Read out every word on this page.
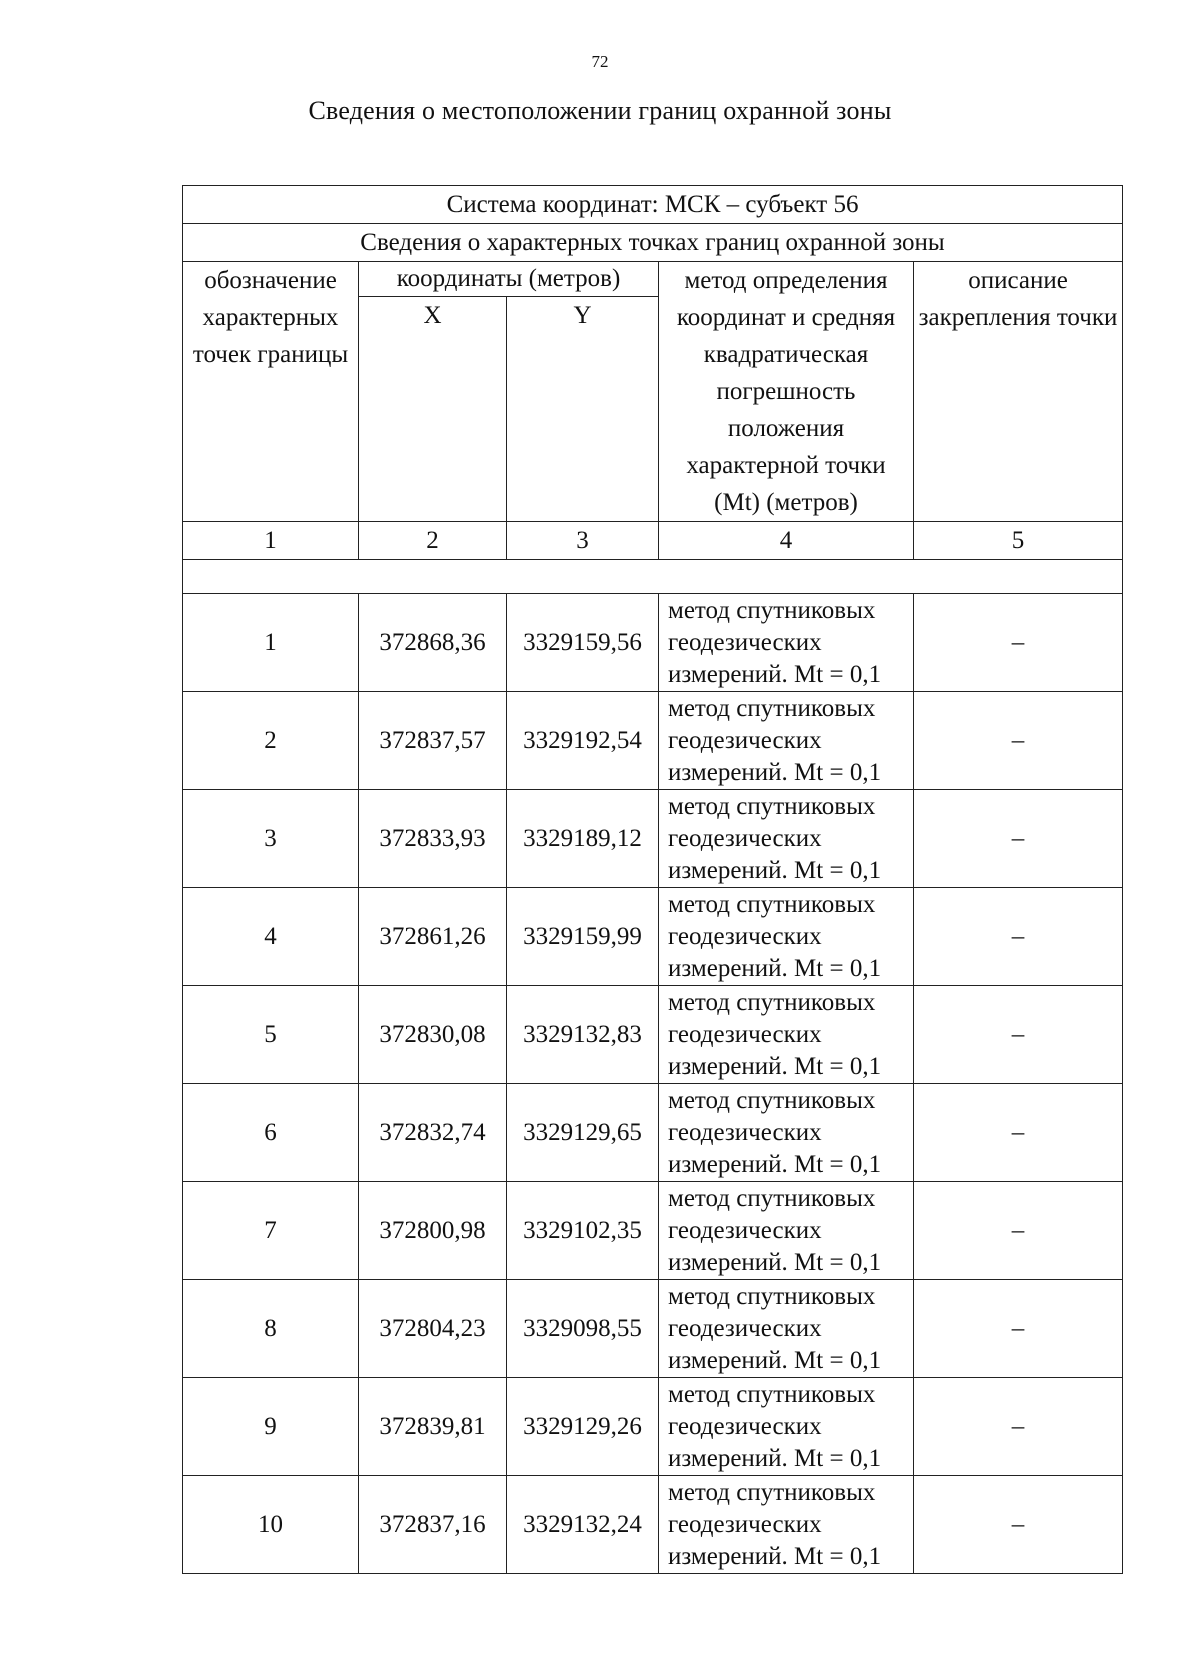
72
Сведения о местоположении границ охранной зоны
Система координат: МСК – субъект 56				
Сведения о характерных точках границ охранной зоны				
обозначение характерных точек границы	координаты (метров)		метод определения координат и средняя квадратическая погрешность положения характерной точки (Mt) (метров)	описание закрепления точки
	X	Y		
1	2	3	4	5

1	372868,36	3329159,56	метод спутниковых геодезических измерений. Mt = 0,1	–
2	372837,57	3329192,54	метод спутниковых геодезических измерений. Mt = 0,1	–
3	372833,93	3329189,12	метод спутниковых геодезических измерений. Mt = 0,1	–
4	372861,26	3329159,99	метод спутниковых геодезических измерений. Mt = 0,1	–
5	372830,08	3329132,83	метод спутниковых геодезических измерений. Mt = 0,1	–
6	372832,74	3329129,65	метод спутниковых геодезических измерений. Mt = 0,1	–
7	372800,98	3329102,35	метод спутниковых геодезических измерений. Mt = 0,1	–
8	372804,23	3329098,55	метод спутниковых геодезических измерений. Mt = 0,1	–
9	372839,81	3329129,26	метод спутниковых геодезических измерений. Mt = 0,1	–
10	372837,16	3329132,24	метод спутниковых геодезических измерений. Mt = 0,1	–
